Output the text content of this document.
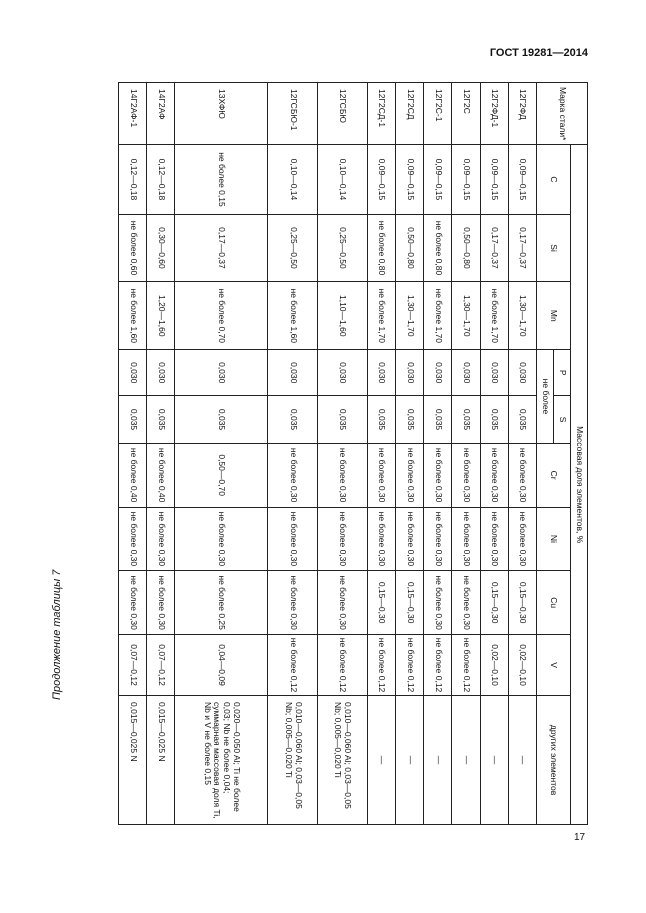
ГОСТ 19281—2014
Продолжение таблицы 7
Марка стали*	Массовая доля элементов, %									
	C	Si	Mn	P	S	Cr	Ni	Cu	V	других элементов
				не более						
12Г2ФД	0,09—0,15	0,17—0,37	1,30—1,70	0,030	0,035	не более 0,30	не более 0,30	0,15—0,30	0,02—0,10	—
12Г2ФД-1	0,09—0,15	0,17—0,37	не более 1,70	0,030	0,035	не более 0,30	не более 0,30	0,15—0,30	0,02—0,10	—
12Г2С	0,09—0,15	0,50—0,80	1,30—1,70	0,030	0,035	не более 0,30	не более 0,30	не более 0,30	не более 0,12	—
12Г2С-1	0,09—0,15	не более 0,80	не более 1,70	0,030	0,035	не более 0,30	не более 0,30	не более 0,30	не более 0,12	—
12Г2СД	0,09—0,15	0,50—0,80	1,30—1,70	0,030	0,035	не более 0,30	не более 0,30	0,15—0,30	не более 0,12	—
12Г2СД-1	0,09—0,15	не более 0,80	не более 1,70	0,030	0,035	не более 0,30	не более 0,30	0,15—0,30	не более 0,12	—
12ГСБЮ	0,10—0,14	0,25—0,50	1,10—1,60	0,030	0,035	не более 0,30	не более 0,30	не более 0,30	не более 0,12	0,010—0,060 Al; 0,03—0,05 Nb; 0,005—0,020 Ti
12ГСБЮ-1	0,10—0,14	0,25—0,50	не более 1,60	0,030	0,035	не более 0,30	не более 0,30	не более 0,30	не более 0,12	0,010—0,060 Al; 0,03—0,05 Nb; 0,005—0,020 Ti
13ХФЮ	не более 0,15	0,17—0,37	не более 0,70	0,030	0,035	0,50—0,70	не более 0,30	не более 0,25	0,04—0,09	0,020—0,050 Al; Ti не более 0,03; Nb не более 0,04; суммарная массовая доля Ti, Nb и V не более 0,15
14Г2АФ	0,12—0,18	0,30—0,60	1,20—1,60	0,030	0,035	не более 0,40	не более 0,30	не более 0,30	0,07—0,12	0,015—0,025 N
14Г2АФ-1	0,12—0,18	не более 0,60	не более 1,60	0,030	0,035	не более 0,40	не более 0,30	не более 0,30	0,07—0,12	0,015—0,025 N
17
